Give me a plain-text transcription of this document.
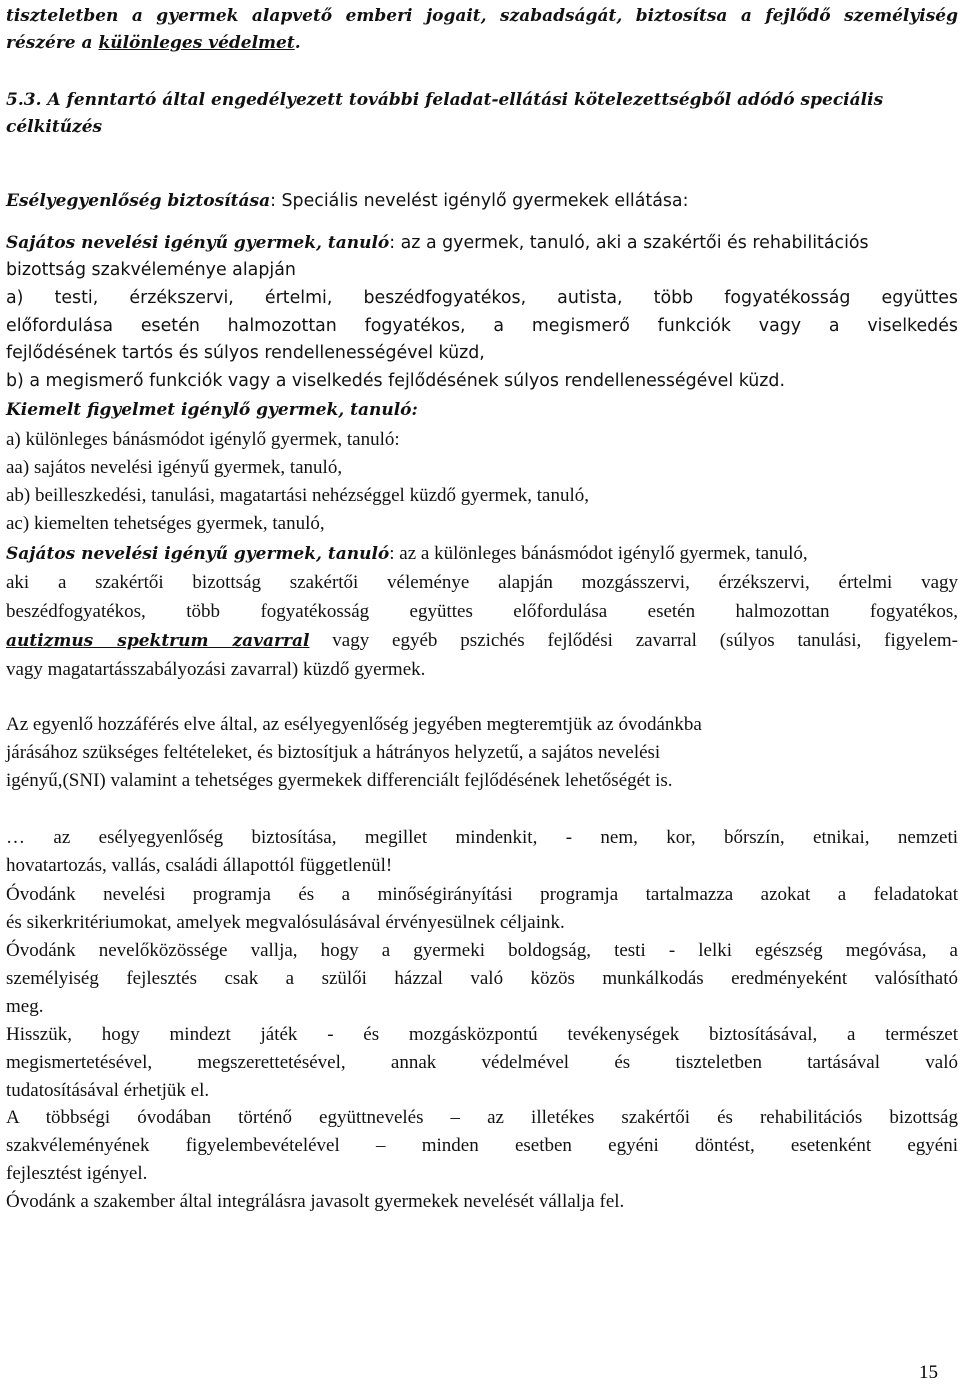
tiszteletben a gyermek alapvető emberi jogait, szabadságát, biztosítsa a fejlődő személyiség
részére a különleges védelmet.
5.3. A fenntartó által engedélyezett további feladat-ellátási kötelezettségből adódó speciális
célkitűzés
Esélyegyenlőség biztosítása: Speciális nevelést igénylő gyermekek ellátása:
Sajátos nevelési igényű gyermek, tanuló: az a gyermek, tanuló, aki a szakértői és rehabilitációs
bizottság szakvéleménye alapján
a) testi, érzékszervi, értelmi, beszédfogyatékos, autista, több fogyatékosság együttes
előfordulása esetén halmozottan fogyatékos, a megismerő funkciók vagy a viselkedés
fejlődésének tartós és súlyos rendellenességével küzd,
b) a megismerő funkciók vagy a viselkedés fejlődésének súlyos rendellenességével küzd.
Kiemelt figyelmet igénylő gyermek, tanuló:
a) különleges bánásmódot igénylő gyermek, tanuló:
aa) sajátos nevelési igényű gyermek, tanuló,
ab) beilleszkedési, tanulási, magatartási nehézséggel küzdő gyermek, tanuló,
ac) kiemelten tehetséges gyermek, tanuló,
Sajátos nevelési igényű gyermek, tanuló: az a különleges bánásmódot igénylő gyermek, tanuló,
aki a szakértői bizottság szakértői véleménye alapján mozgásszervi, érzékszervi, értelmi vagy
beszédfogyatékos, több fogyatékosság együttes előfordulása esetén halmozottan fogyatékos,
autizmus spektrum zavarral vagy egyéb pszichés fejlődési zavarral (súlyos tanulási, figyelem-
vagy magatartásszabályozási zavarral) küzdő gyermek.
Az egyenlő hozzáférés elve által, az esélyegyenlőség jegyében megteremtjük az óvodánkba
járásához szükséges feltételeket, és biztosítjuk a hátrányos helyzetű, a sajátos nevelési
igényű,(SNI) valamint a tehetséges gyermekek differenciált fejlődésének lehetőségét is.
… az esélyegyenlőség biztosítása, megillet mindenkit, - nem, kor, bőrszín, etnikai, nemzeti
hovatartozás, vallás, családi állapottól függetlenül!
Óvodánk nevelési programja és a minőségirányítási programja tartalmazza azokat a feladatokat
és sikerkritériumokat, amelyek megvalósulásával érvényesülnek céljaink.
Óvodánk nevelőközössége vallja, hogy a gyermeki boldogság, testi - lelki egészség megóvása, a
személyiség fejlesztés csak a szülői házzal való közös munkálkodás eredményeként valósítható
meg.
Hisszük, hogy mindezt játék - és mozgásközpontú tevékenységek biztosításával, a természet
megismertetésével, megszerettetésével, annak védelmével és tiszteletben tartásával való
tudatosításával érhetjük el.
A többségi óvodában történő együttnevelés – az illetékes szakértői és rehabilitációs bizottság
szakvéleményének figyelembevételével – minden esetben egyéni döntést, esetenként egyéni
fejlesztést igényel.
Óvodánk a szakember által integrálásra javasolt gyermekek nevelését vállalja fel.
15
